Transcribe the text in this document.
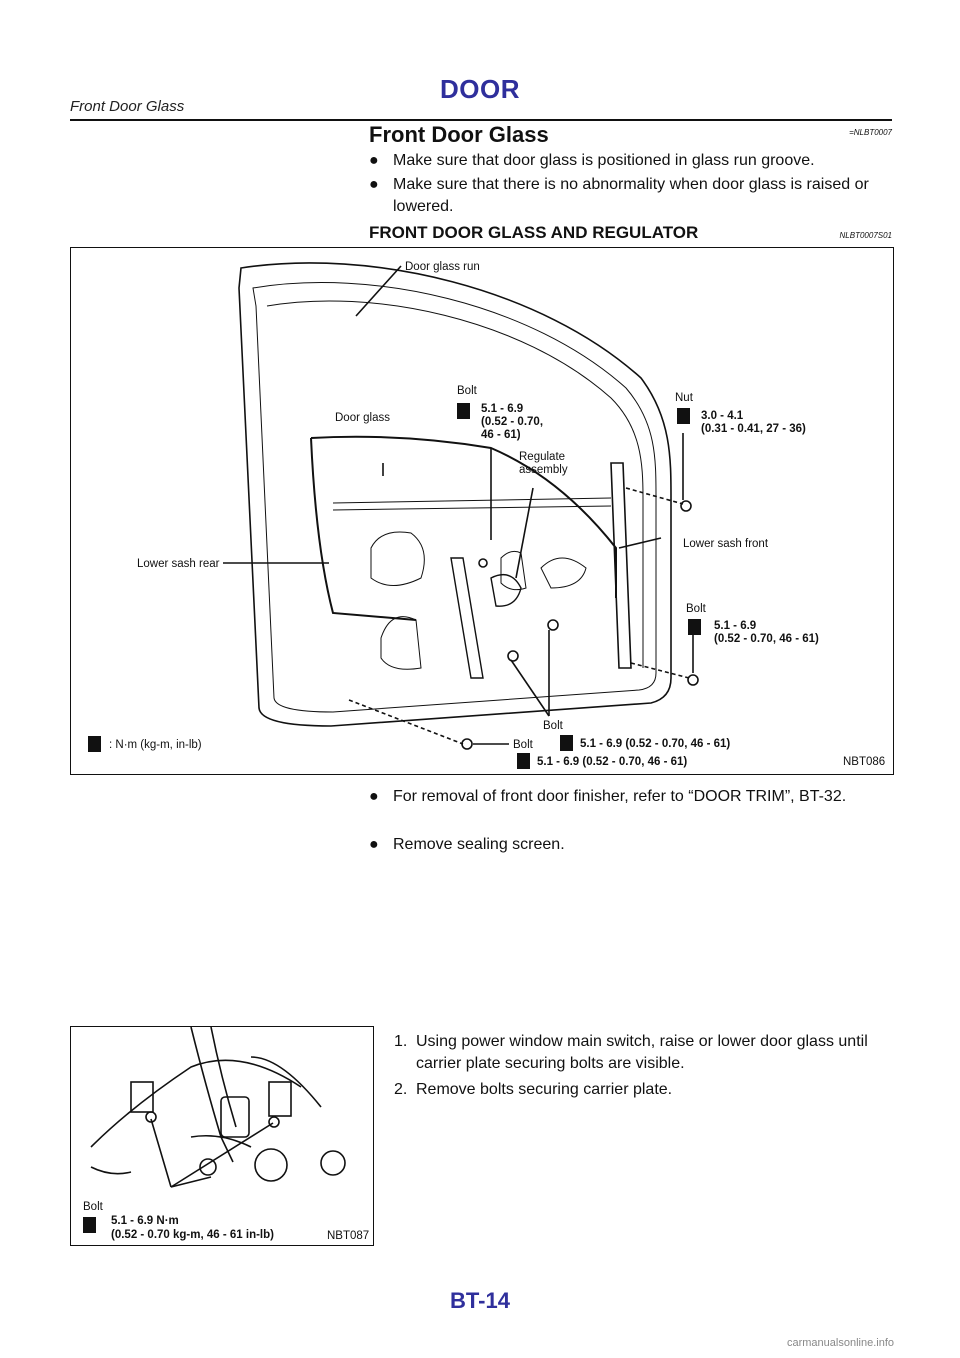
DOOR
Front Door Glass
Front Door Glass	=NLBT0007
● Make sure that door glass is positioned in glass run groove.
● Make sure that there is no abnormality when door glass is raised or lowered.
FRONT DOOR GLASS AND REGULATOR	NLBT0007S01
Door glass run
Door glass
Bolt
5.1 - 6.9
(0.52 - 0.70,
46 - 61)
Regulate
assembly
Nut
3.0 - 4.1
(0.31 - 0.41, 27 - 36)
Lower sash rear
Lower sash front
Bolt
5.1 - 6.9
(0.52 - 0.70, 46 - 61)
: N·m (kg-m, in-lb)	Bolt
Bolt
5.1 - 6.9 (0.52 - 0.70, 46 - 61)
5.1 - 6.9 (0.52 - 0.70, 46 - 61)	NBT086
● For removal of front door finisher, refer to “DOOR TRIM”, BT-32.
● Remove sealing screen.
Bolt
5.1 - 6.9 N·m
(0.52 - 0.70 kg-m, 46 - 61 in-lb)	NBT087
1. Using power window main switch, raise or lower door glass until carrier plate securing bolts are visible.
2. Remove bolts securing carrier plate.
BT-14
carmanualsonline.info
